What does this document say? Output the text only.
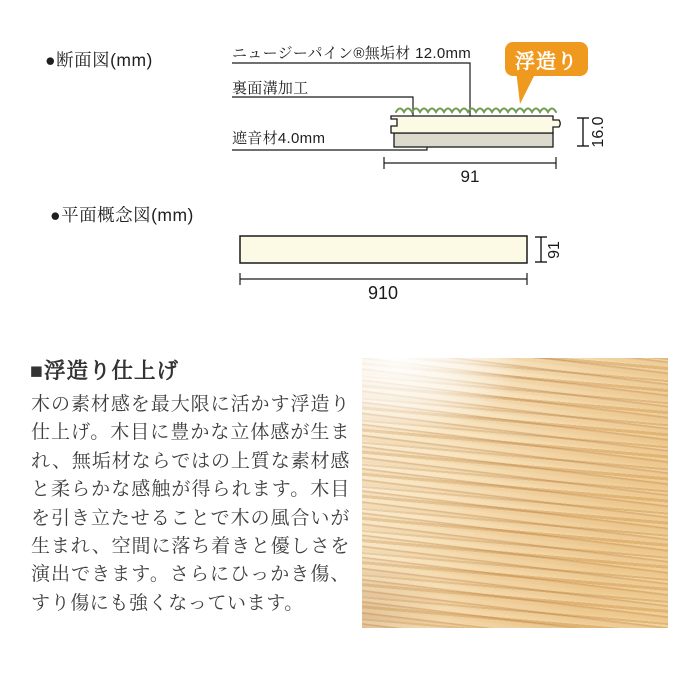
91
16.0
910
91
●断面図(mm)
●平面概念図(mm)
ニュージーパイン®無垢材 12.0mm
裏面溝加工
遮音材4.0mm
浮造り
■浮造り仕上げ
木の素材感を最大限に活かす浮造り仕上げ。木目に豊かな立体感が生まれ、無垢材ならではの上質な素材感と柔らかな感触が得られます。木目を引き立たせることで木の風合いが生まれ、空間に落ち着きと優しさを演出できます。さらにひっかき傷、すり傷にも強くなっています。
